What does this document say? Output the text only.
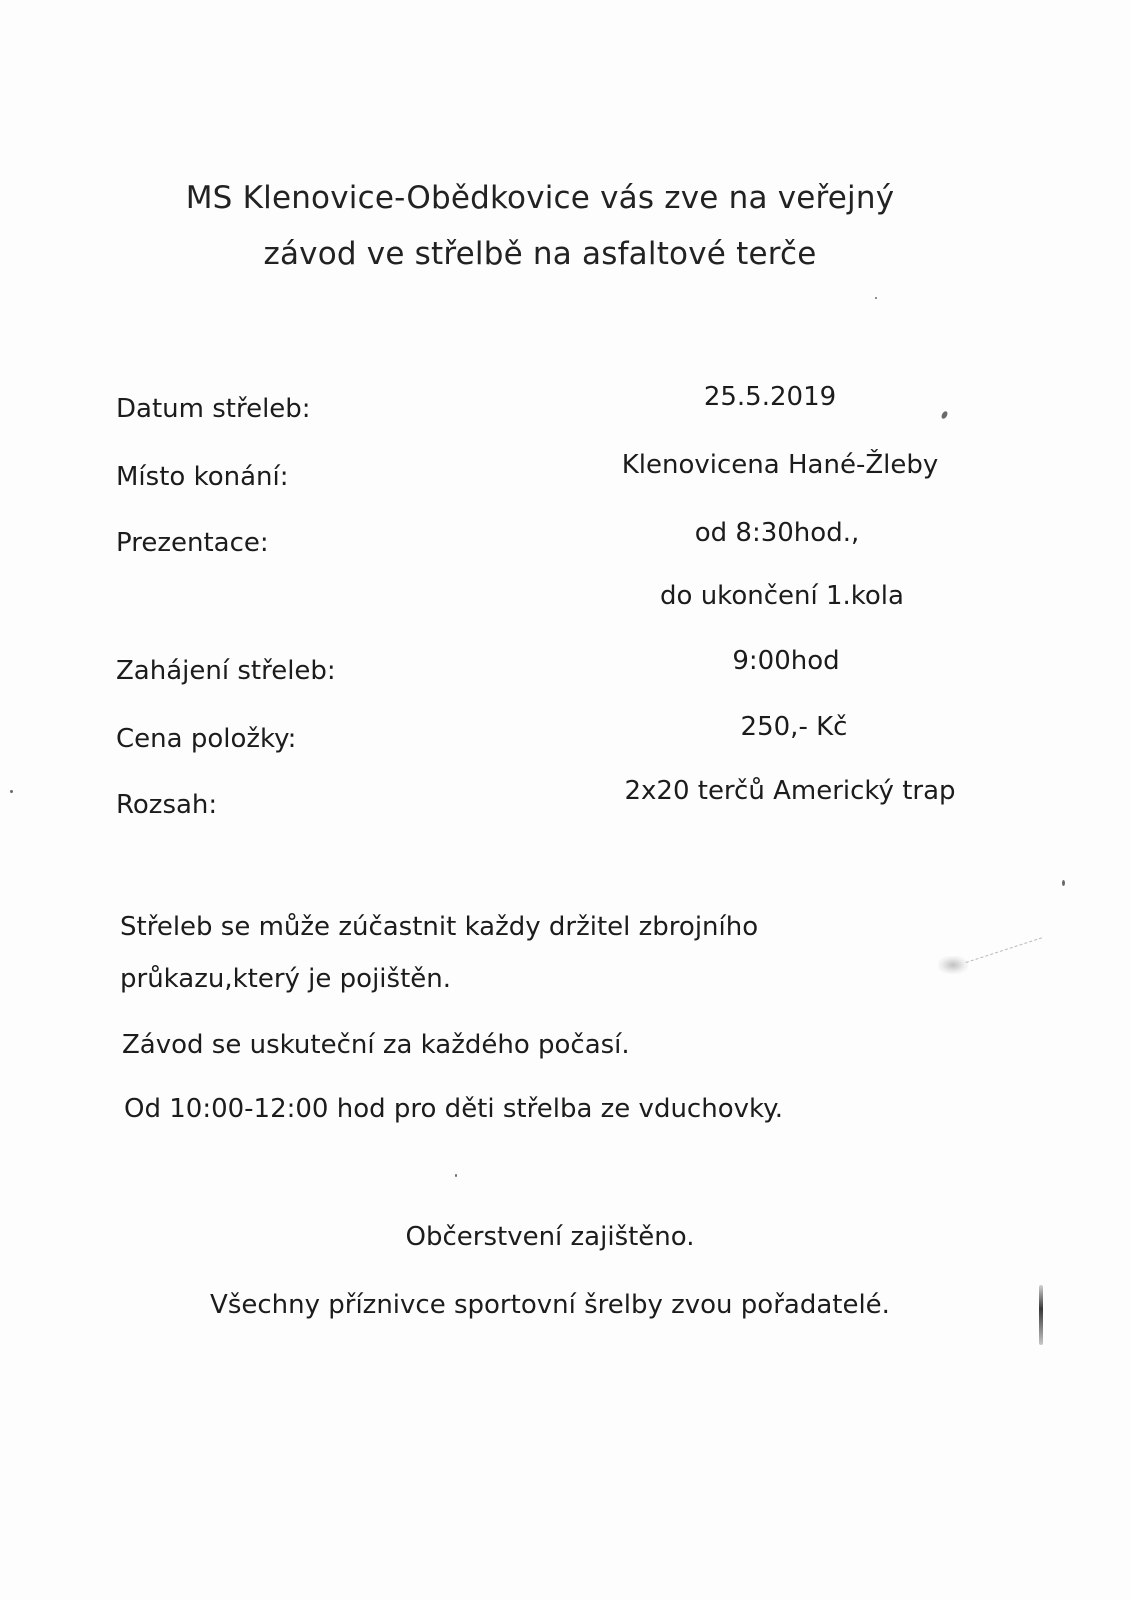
MS Klenovice-Obědkovice vás zve na veřejný
závod ve střelbě na asfaltové terče
Datum střeleb:	25.5.2019
Místo konání:	Klenovicena Hané-Žleby
Prezentace:	od 8:30hod.,
do ukončení 1.kola
Zahájení střeleb:	9:00hod
Cena položky:	250,- Kč
Rozsah:	2x20 terčů Americký trap
Střeleb se může zúčastnit každy držitel zbrojního
průkazu,který je pojištěn.
Závod se uskuteční za každého počasí.
Od 10:00-12:00 hod pro děti střelba ze vduchovky.
Občerstvení zajištěno.
Všechny příznivce sportovní šrelby zvou pořadatelé.
